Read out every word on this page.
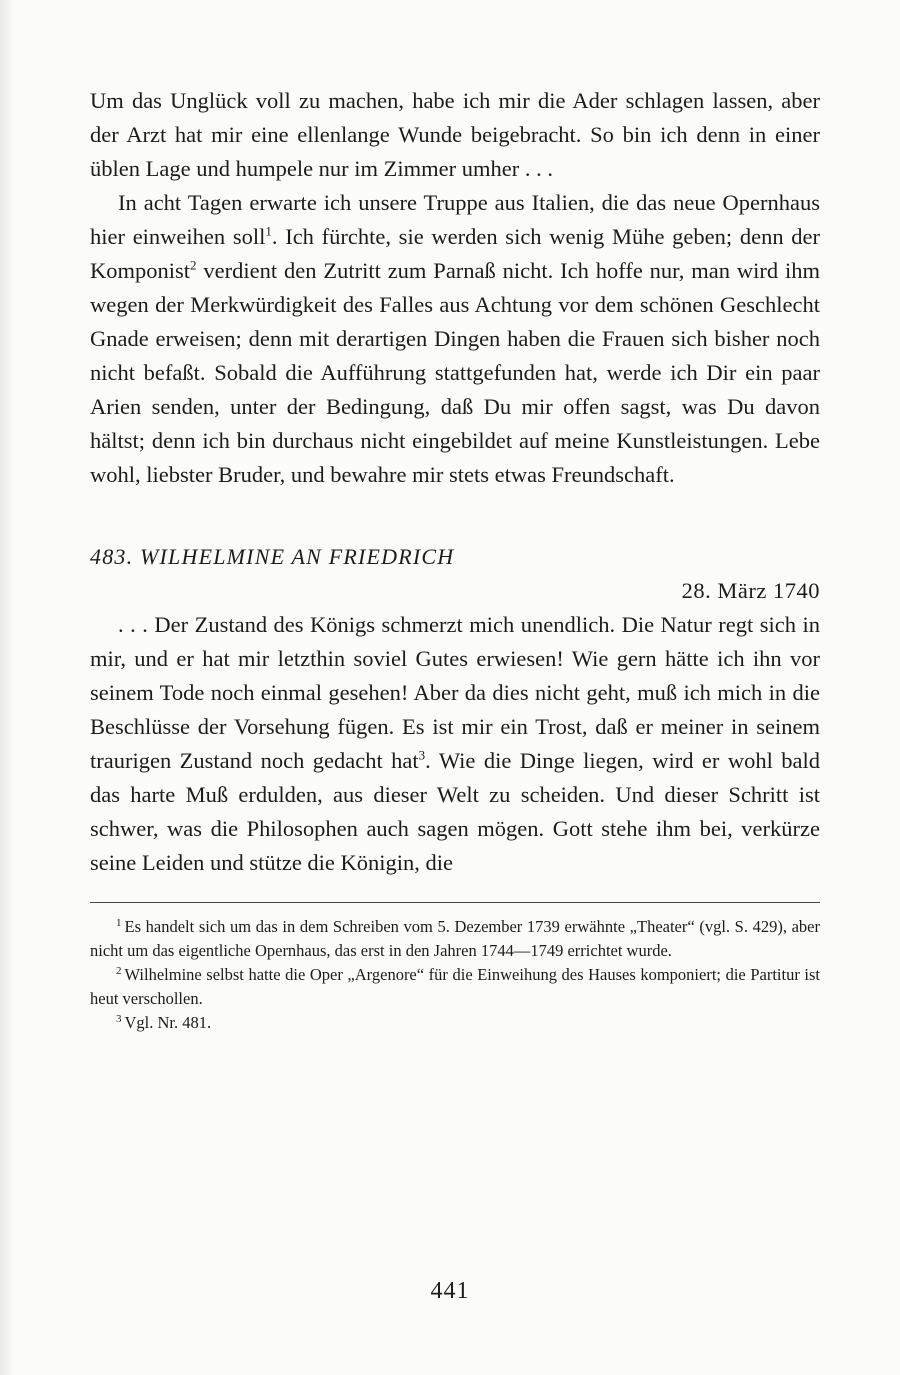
Um das Unglück voll zu machen, habe ich mir die Ader schlagen lassen, aber der Arzt hat mir eine ellenlange Wunde beigebracht. So bin ich denn in einer üblen Lage und humpele nur im Zimmer umher . . .

In acht Tagen erwarte ich unsere Truppe aus Italien, die das neue Opernhaus hier einweihen soll$^1$. Ich fürchte, sie werden sich wenig Mühe geben; denn der Komponist$^2$ verdient den Zutritt zum Parnaß nicht. Ich hoffe nur, man wird ihm wegen der Merkwürdigkeit des Falles aus Achtung vor dem schönen Geschlecht Gnade erweisen; denn mit derartigen Dingen haben die Frauen sich bisher noch nicht befaßt. Sobald die Aufführung stattgefunden hat, werde ich Dir ein paar Arien senden, unter der Bedingung, daß Du mir offen sagst, was Du davon hältst; denn ich bin durchaus nicht eingebildet auf meine Kunstleistungen. Lebe wohl, liebster Bruder, und bewahre mir stets etwas Freundschaft.

483. WILHELMINE AN FRIEDRICH

28. März 1740

. . . Der Zustand des Königs schmerzt mich unendlich. Die Natur regt sich in mir, und er hat mir letzthin soviel Gutes erwiesen! Wie gern hätte ich ihn vor seinem Tode noch einmal gesehen! Aber da dies nicht geht, muß ich mich in die Beschlüsse der Vorsehung fügen. Es ist mir ein Trost, daß er meiner in seinem traurigen Zustand noch gedacht hat$^3$. Wie die Dinge liegen, wird er wohl bald das harte Muß erdulden, aus dieser Welt zu scheiden. Und dieser Schritt ist schwer, was die Philosophen auch sagen mögen. Gott stehe ihm bei, verkürze seine Leiden und stütze die Königin, die

$^1$ Es handelt sich um das in dem Schreiben vom 5. Dezember 1739 erwähnte „Theater“ (vgl. S. 429), aber nicht um das eigentliche Opernhaus, das erst in den Jahren 1744—1749 errichtet wurde.

$^2$ Wilhelmine selbst hatte die Oper „Argenore“ für die Einweihung des Hauses komponiert; die Partitur ist heut verschollen.

$^3$ Vgl. Nr. 481.

441
